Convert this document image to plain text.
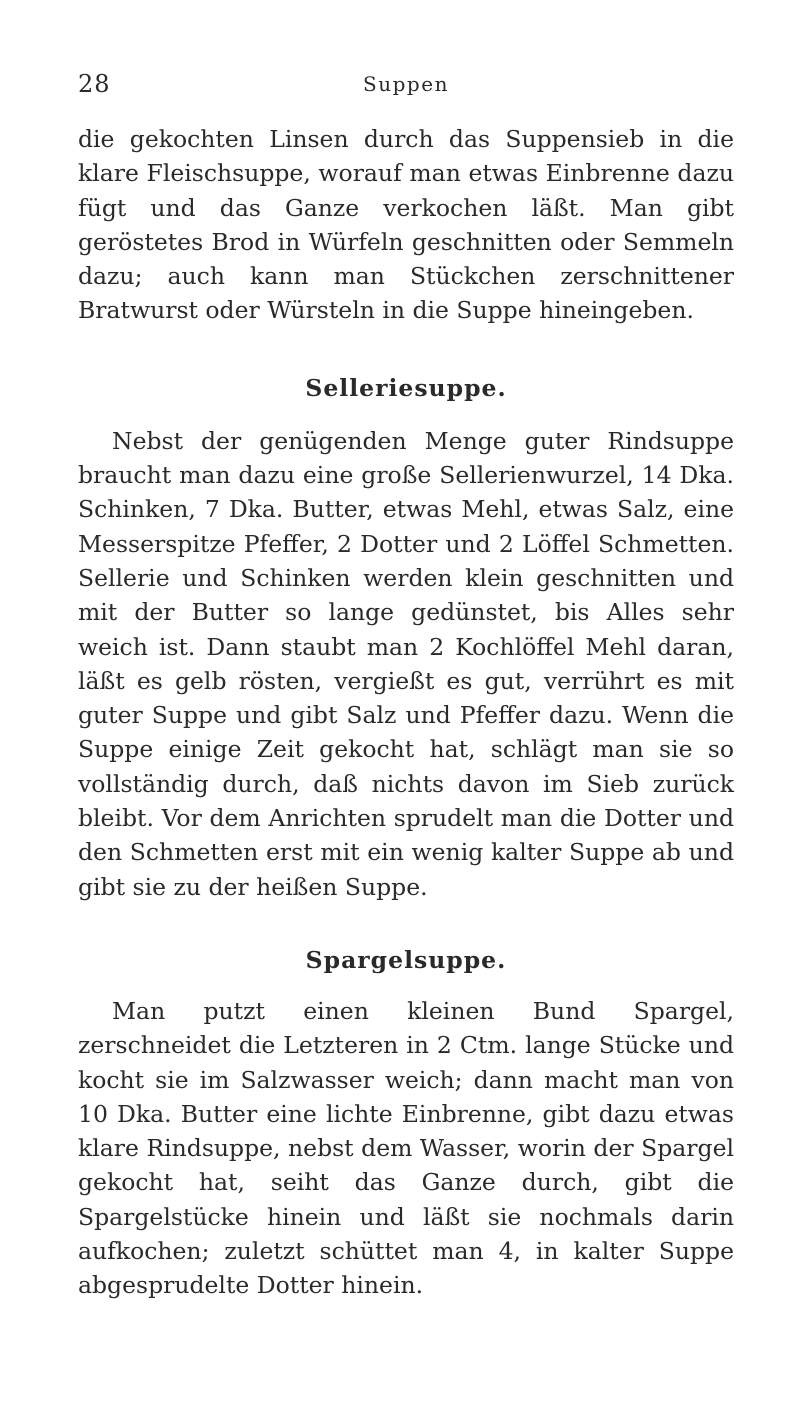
28	Suppen

die gekochten Linsen durch das Suppensieb in die klare Fleischsuppe, worauf man etwas Einbrenne dazu fügt und das Ganze verkochen läßt. Man gibt geröstetes Brod in Würfeln geschnitten oder Semmeln dazu; auch kann man Stückchen zerschnittener Bratwurst oder Würsteln in die Suppe hineingeben.

Selleriesuppe.

Nebst der genügenden Menge guter Rindsuppe braucht man dazu eine große Sellerienwurzel, 14 Dka. Schinken, 7 Dka. Butter, etwas Mehl, etwas Salz, eine Messerspitze Pfeffer, 2 Dotter und 2 Löffel Schmetten. Sellerie und Schinken werden klein geschnitten und mit der Butter so lange gedünstet, bis Alles sehr weich ist. Dann staubt man 2 Kochlöffel Mehl daran, läßt es gelb rösten, vergießt es gut, verrührt es mit guter Suppe und gibt Salz und Pfeffer dazu. Wenn die Suppe einige Zeit gekocht hat, schlägt man sie so vollständig durch, daß nichts davon im Sieb zurück bleibt. Vor dem Anrichten sprudelt man die Dotter und den Schmetten erst mit ein wenig kalter Suppe ab und gibt sie zu der heißen Suppe.

Spargelsuppe.

Man putzt einen kleinen Bund Spargel, zerschneidet die Letzteren in 2 Ctm. lange Stücke und kocht sie im Salzwasser weich; dann macht man von 10 Dka. Butter eine lichte Einbrenne, gibt dazu etwas klare Rindsuppe, nebst dem Wasser, worin der Spargel gekocht hat, seiht das Ganze durch, gibt die Spargelstücke hinein und läßt sie nochmals darin aufkochen; zuletzt schüttet man 4, in kalter Suppe abgesprudelte Dotter hinein.
